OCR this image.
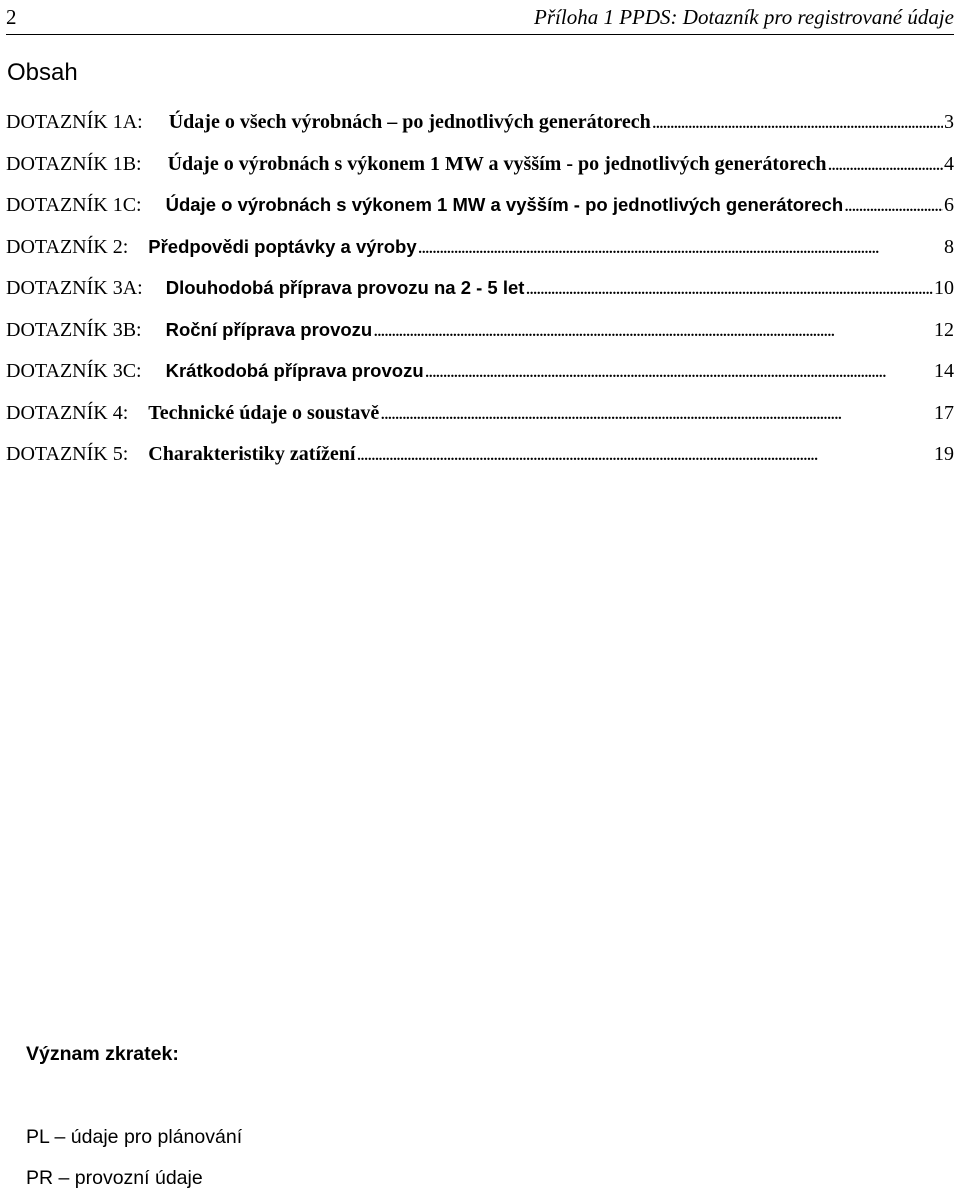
2	Příloha 1 PPDS: Dotazník pro registrované údaje
Obsah
DOTAZNÍK 1A: Údaje o všech výrobnách – po jednotlivých generátorech . . .	3
DOTAZNÍK 1B: Údaje o výrobnách s výkonem 1 MW a vyšším - po jednotlivých generátorech . . .	4
DOTAZNÍK 1C: Údaje o výrobnách s výkonem 1 MW a vyšším - po jednotlivých generátorech . . .	6
DOTAZNÍK 2: Předpovědi poptávky a výroby . . .	8
DOTAZNÍK 3A: Dlouhodobá příprava provozu na 2 - 5 let . . .	10
DOTAZNÍK 3B: Roční příprava provozu . . .	12
DOTAZNÍK 3C: Krátkodobá příprava provozu . . .	14
DOTAZNÍK 4: Technické údaje o soustavě . . .	17
DOTAZNÍK 5: Charakteristiky zatížení . . .	19
Význam zkratek:
PL – údaje pro plánování
PR – provozní údaje
